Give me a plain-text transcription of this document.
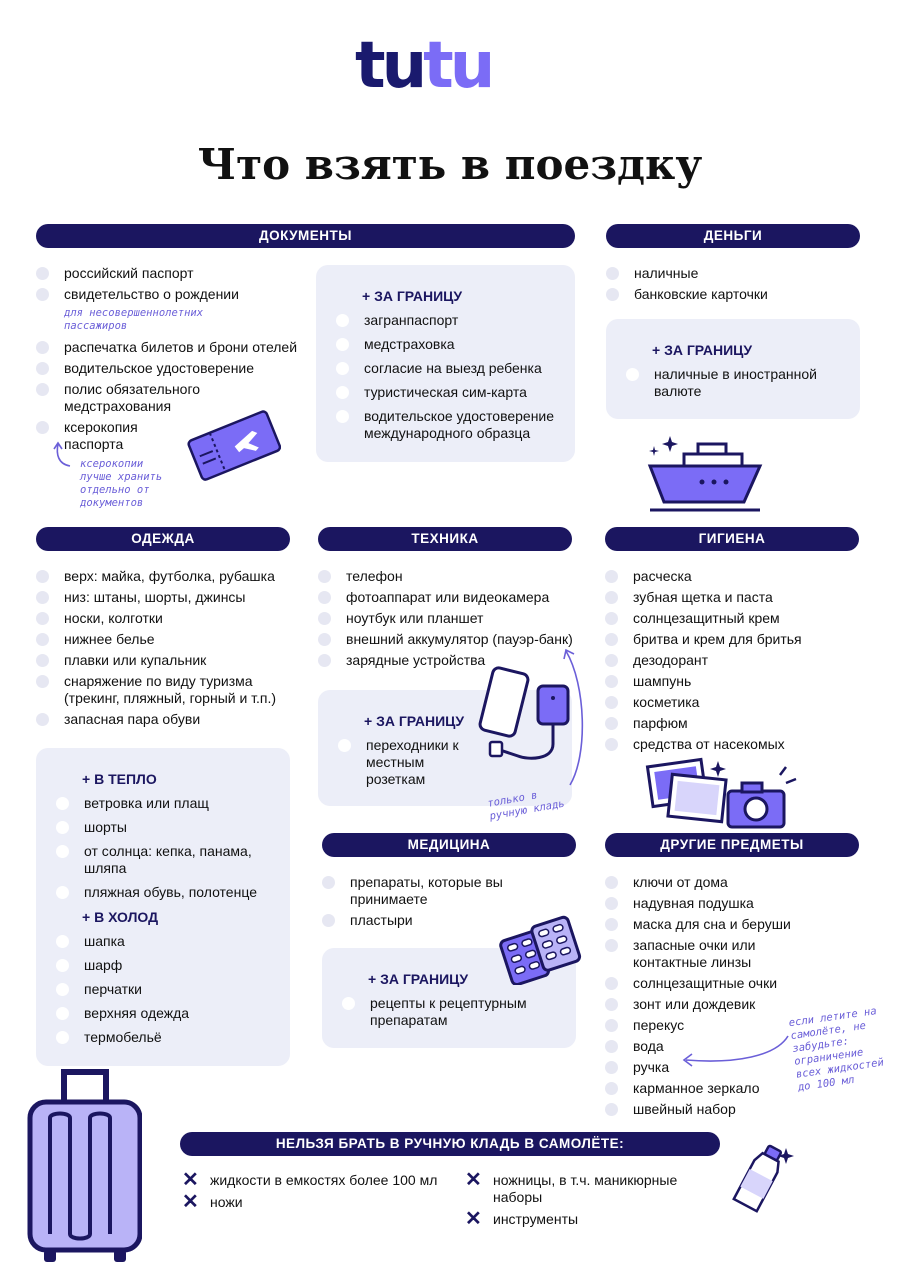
tutu
Что взять в поездку
ДОКУМЕНТЫ
российский паспорт
свидетельство о рождении
для несовершеннолетних пассажиров
распечатка билетов и брони отелей
водительское удостоверение
полис обязательного медстрахования
ксерокопия паспорта
ксерокопии лучше хранить отдельно от документов
+ ЗА ГРАНИЦУ
загранпаспорт
медстраховка
согласие на выезд ребенка
туристическая сим-карта
водительское удостоверение международного образца
ДЕНЬГИ
наличные
банковские карточки
+ ЗА ГРАНИЦУ
наличные в иностранной валюте
ОДЕЖДА
верх: майка, футболка, рубашка
низ: штаны, шорты, джинсы
носки, колготки
нижнее белье
плавки или купальник
снаряжение по виду туризма (трекинг, пляжный, горный и т.п.)
запасная пара обуви
+ В ТЕПЛО
ветровка или плащ
шорты
от солнца: кепка, панама, шляпа
пляжная обувь, полотенце
+ В ХОЛОД
шапка
шарф
перчатки
верхняя одежда
термобельё
ТЕХНИКА
телефон
фотоаппарат или видеокамера
ноутбук или планшет
внешний аккумулятор (пауэр-банк)
зарядные устройства
+ ЗА ГРАНИЦУ
переходники к местным розеткам
только в ручную кладь
ГИГИЕНА
расческа
зубная щетка и паста
солнцезащитный крем
бритва и крем для бритья
дезодорант
шампунь
косметика
парфюм
средства от насекомых
МЕДИЦИНА
препараты, которые вы принимаете
пластыри
+ ЗА ГРАНИЦУ
рецепты к рецептурным препаратам
ДРУГИЕ ПРЕДМЕТЫ
ключи от дома
надувная подушка
маска для сна и беруши
запасные очки или контактные линзы
солнцезащитные очки
зонт или дождевик
перекус
вода
ручка
карманное зеркало
швейный набор
если летите на самолёте, не забудьте: ограничение всех жидкостей до 100 мл
НЕЛЬЗЯ БРАТЬ В РУЧНУЮ КЛАДЬ В САМОЛЁТЕ:
✕ жидкости в емкостях более 100 мл
✕ ножи
✕ ножницы, в т.ч. маникюрные наборы
✕ инструменты
